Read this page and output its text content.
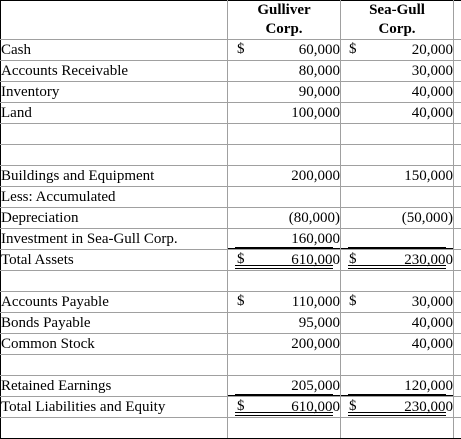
	Gulliver
Corp.	Sea-Gull
Corp.	

Cash	$ 60,000	$ 20,000	
Accounts Receivable	80,000	30,000	
Inventory	90,000	40,000	
Land	100,000	40,000	

Buildings and Equipment	200,000	150,000	
Less: Accumulated			
Depreciation	(80,000)	(50,000)	
Investment in Sea-Gull Corp.	160,000		
Total Assets	$ 610,000	$ 230,000	

Accounts Payable	$ 110,000	$ 30,000	
Bonds Payable	95,000	40,000	
Common Stock	200,000	40,000	

Retained Earnings	205,000	120,000	
Total Liabilities and Equity	$ 610,000	$ 230,000	
